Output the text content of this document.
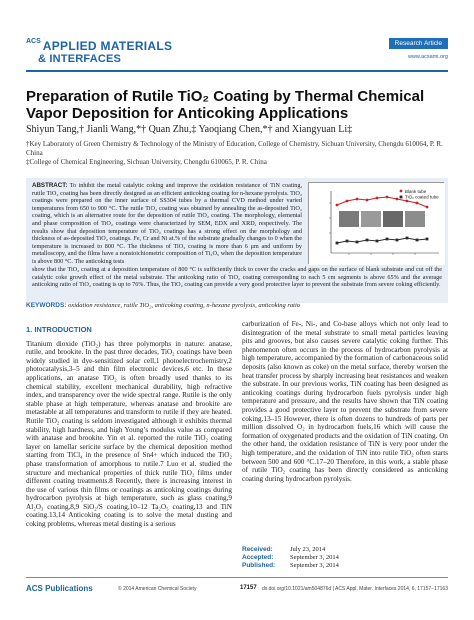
$^{ACS}$ APPLIED MATERIALS
& INTERFACES
Research Article
www.acsami.org
Preparation of Rutile TiO₂ Coating by Thermal Chemical Vapor Deposition for Anticoking Applications
Shiyun Tang,† Jianli Wang,*† Quan Zhu,‡ Yaoqiang Chen,*† and Xiangyuan Li‡
†Key Laboratory of Green Chemistry & Technology of the Ministry of Education, College of Chemistry, Sichuan University, Chengdu 610064, P. R. China
‡College of Chemical Engineering, Sichuan University, Chengdu 610065, P. R. China
ABSTRACT: To inhibit the metal catalytic coking and improve the oxidation resistance of TiN coating, rutile TiO₂ coating has been directly designed as an efficient anticoking coating for n-hexane pyrolysis. TiO₂ coatings were prepared on the inner surface of SS304 tubes by a thermal CVD method under varied temperatures from 650 to 900 °C. The rutile TiO₂ coating was obtained by annealing the as-deposited TiO₂ coating, which is an alternative route for the deposition of rutile TiO₂ coating. The morphology, elemental and phase composition of TiO₂ coatings were characterized by SEM, EDX and XRD, respectively. The results show that deposition temperature of TiO₂ coatings has a strong effect on the morphology and thickness of as-deposited TiO₂ coatings. Fe, Cr and Ni at.% of the substrate gradually changes to 0 when the temperature is increased to 800 °C. The thickness of TiO₂ coating is more than 6 μm and uniform by metalloscopy, and the films have a nonstoichiometric composition of Ti₃O₅ when the deposition temperature is above 800 °C. The anticoking tests
Blank tube
TiO₂ coated tube
show that the TiO₂ coating at a deposition temperature of 800 °C is sufficiently thick to cover the cracks and gaps on the surface of blank substrate and cut off the catalytic coke growth effect of the metal substrate. The anticoking ratio of TiO₂ coating corresponding to each 5 cm segments is above 65% and the average anticoking ratio of TiO₂ coating is up to 76%. Thus, the TiO₂ coating can provide a very good protective layer to prevent the substrate from severe coking efficiently.
KEYWORDS: oxidation resistance, rutile TiO₂, anticoking coating, n-hexane pyrolysis, anticoking ratio
1. INTRODUCTION
Titanium dioxide (TiO₂) has three polymorphs in nature: anatase, rutile, and brookite. In the past three decades, TiO₂ coatings have been widely studied in dye-sensitized solar cell,1 photoelectrochemistry,2 photocatalysis,3–5 and thin film electronic devices,6 etc. In these applications, an anatase TiO₂ is often broadly used thanks to its chemical stability, excellent mechanical durability, high refractive index, and transparency over the wide spectral range. Rutile is the only stable phase at high temperature, whereas anatase and brookite are metastable at all temperatures and transform to rutile if they are heated. Rutile TiO₂ coating is seldom investigated although it exhibits thermal stability, high hardness, and high Young’s modulus value as compared with anatase and brookite. Yin et al. reported the rutile TiO₂ coating layer on lamellar sericite surface by the chemical deposition method starting from TiCl₄ in the presence of Sn4+ which induced the TiO₂ phase transformation of amorphous to rutile.7 Luo et al. studied the structure and mechanical properties of thick rutile TiO₂ films under different coating treatments.8 Recently, there is increasing interest in the use of various thin films or coatings as anticoking coatings during hydrocarbon pyrolysis at high temperature, such as glass coating,9 Al₂O₃ coating,8,9 SiO₂/S coating,10–12 Ta₂O₅ coating,13 and TiN coating.13,14 Anticoking coating is to solve the metal dusting and coking problems, whereas metal dusting is a serious
carburization of Fe-, Ni-, and Co-base alloys which not only lead to disintegration of the metal substrate to small metal particles leaving pits and grooves, but also causes severe catalytic coking further. This phenomenon often occurs in the process of hydrocarbon pyrolysis at high temperature, accompanied by the formation of carbonaceous solid deposits (also known as coke) on the metal surface, thereby worsen the heat transfer process by sharply increasing heat resistances and weaken the substrate. In our previous works, TiN coating has been designed as anticoking coatings during hydrocarbon fuels pyrolysis under high temperature and pressure, and the results have shown that TiN coating provides a good protective layer to prevent the substrate from severe coking.13–15 However, there is often dozens to hundreds of parts per million dissolved O₂ in hydrocarbon fuels,16 which will cause the formation of oxygenated products and the oxidation of TiN coating. On the other hand, the oxidation resistance of TiN is very poor under the high temperature, and the oxidation of TiN into rutile TiO₂ often starts between 500 and 600 °C.17–20 Therefore, in this work, a stable phase of rutile TiO₂ coating has been directly considered as anticoking coating during hydrocarbon pyrolysis.
Received:	July 23, 2014
Accepted:	September 3, 2014
Published: September 3, 2014
ACS Publications	© 2014 American Chemical Society	17157 dx.doi.org/10.1021/am504876d | ACS Appl. Mater. Interfaces 2014, 6, 17157−17163
